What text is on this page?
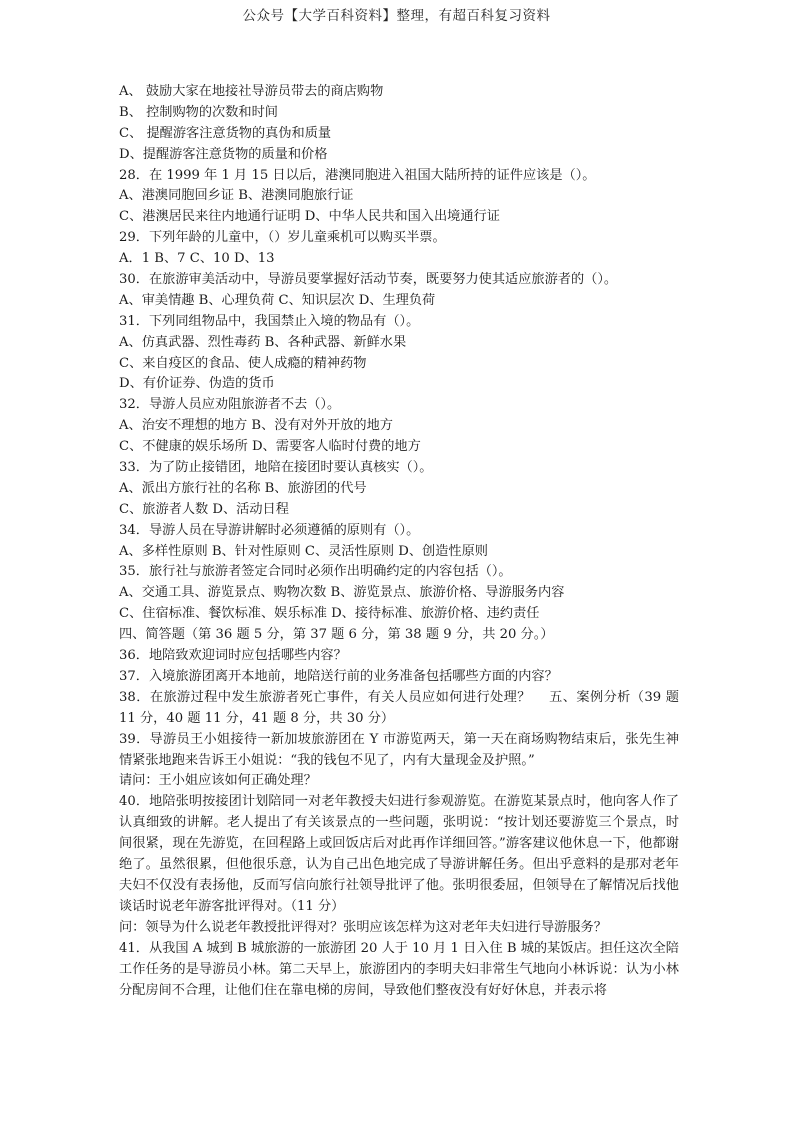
公众号【大学百科资料】整理，有超百科复习资料
A、 鼓励大家在地接社导游员带去的商店购物
B、 控制购物的次数和时间
C、 提醒游客注意货物的真伪和质量
D、提醒游客注意货物的质量和价格
28．在 1999 年 1 月 15 日以后，港澳同胞进入祖国大陆所持的证件应该是（）。
A、港澳同胞回乡证 B、港澳同胞旅行证
C、港澳居民来往内地通行证明 D、中华人民共和国入出境通行证
29．下列年龄的儿童中，（）岁儿童乘机可以购买半票。
A．1 B、7 C、10 D、13
30．在旅游审美活动中，导游员要掌握好活动节奏，既要努力使其适应旅游者的（）。
A、审美情趣 B、心理负荷 C、知识层次 D、生理负荷
31．下列同组物品中，我国禁止入境的物品有（）。
A、仿真武器、烈性毒药 B、各种武器、新鲜水果
C、来自疫区的食品、使人成瘾的精神药物
D、有价证券、伪造的货币
32．导游人员应劝阻旅游者不去（）。
A、治安不理想的地方 B、没有对外开放的地方
C、不健康的娱乐场所 D、需要客人临时付费的地方
33．为了防止接错团，地陪在接团时要认真核实（）。
A、派出方旅行社的名称 B、旅游团的代号
C、旅游者人数 D、活动日程
34．导游人员在导游讲解时必须遵循的原则有（）。
A、多样性原则 B、针对性原则 C、灵活性原则 D、创造性原则
35．旅行社与旅游者签定合同时必须作出明确约定的内容包括（）。
A、交通工具、游览景点、购物次数 B、游览景点、旅游价格、导游服务内容
C、住宿标准、餐饮标准、娱乐标准 D、接待标准、旅游价格、违约责任
四、简答题（第 36 题 5 分，第 37 题 6 分，第 38 题 9 分，共 20 分。）
36．地陪致欢迎词时应包括哪些内容？
37．入境旅游团离开本地前，地陪送行前的业务准备包括哪些方面的内容？
38．在旅游过程中发生旅游者死亡事件，有关人员应如何进行处理？　 五、案例分析（39 题 11 分，40 题 11 分，41 题 8 分，共 30 分）
39．导游员王小姐接待一新加坡旅游团在 Y 市游览两天，第一天在商场购物结束后，张先生神情紧张地跑来告诉王小姐说：“我的钱包不见了，内有大量现金及护照。”
请问：王小姐应该如何正确处理？
40．地陪张明按接团计划陪同一对老年教授夫妇进行参观游览。在游览某景点时，他向客人作了认真细致的讲解。老人提出了有关该景点的一些问题，张明说：“按计划还要游览三个景点，时间很紧，现在先游览，在回程路上或回饭店后对此再作详细回答。”游客建议他休息一下，他都谢绝了。虽然很累，但他很乐意，认为自己出色地完成了导游讲解任务。但出乎意料的是那对老年夫妇不仅没有表扬他，反而写信向旅行社领导批评了他。张明很委屈，但领导在了解情况后找他谈话时说老年游客批评得对。（11 分）
问：领导为什么说老年教授批评得对？张明应该怎样为这对老年夫妇进行导游服务？
41．从我国 A 城到 B 城旅游的一旅游团 20 人于 10 月 1 日入住 B 城的某饭店。担任这次全陪工作任务的是导游员小林。第二天早上，旅游团内的李明夫妇非常生气地向小林诉说：认为小林分配房间不合理，让他们住在靠电梯的房间，导致他们整夜没有好好休息，并表示将
